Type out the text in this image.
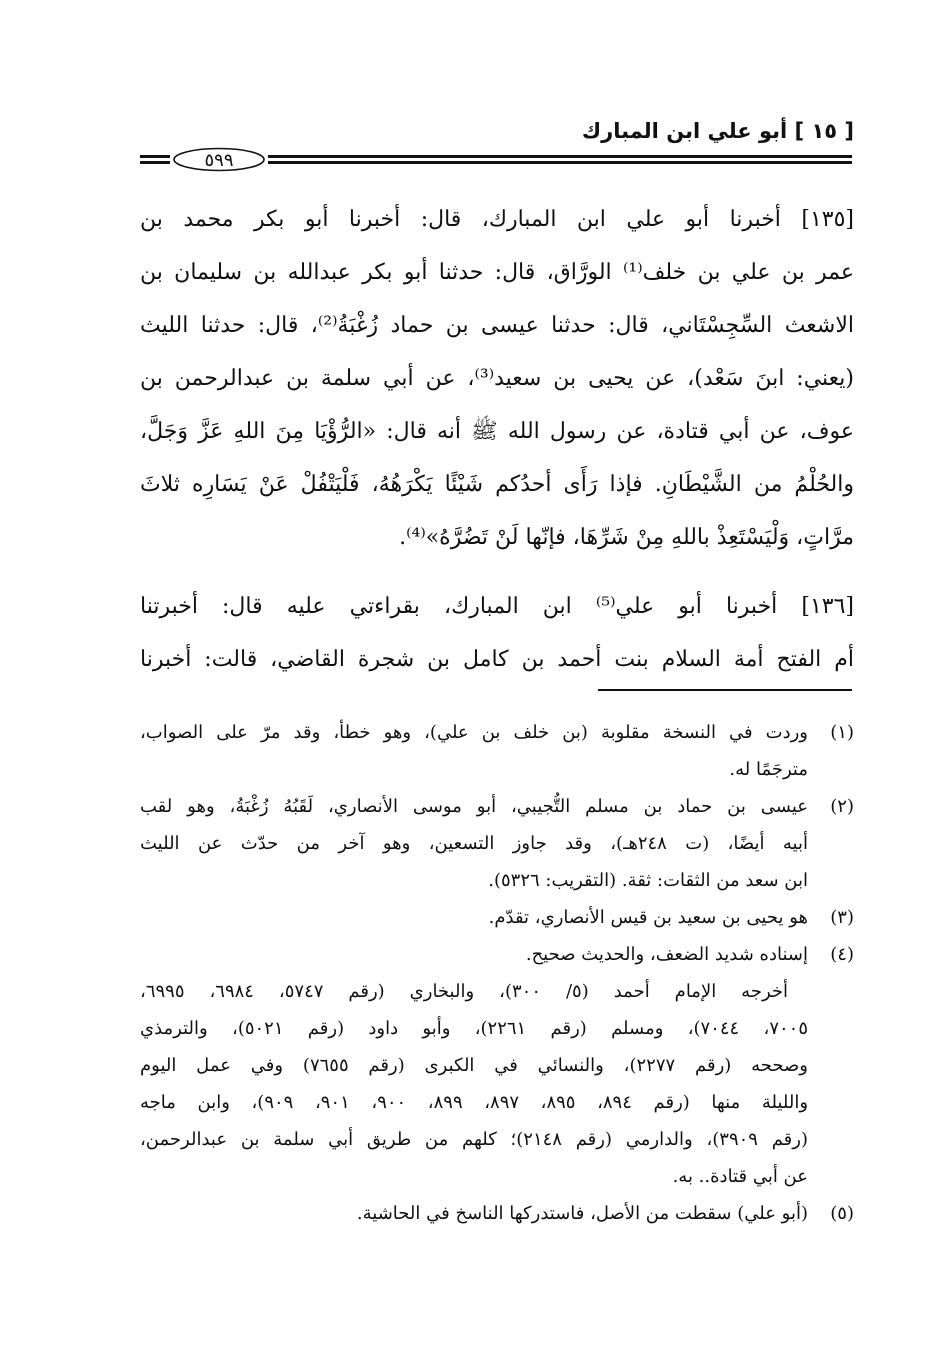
[ ١٥ ] أبو علي ابن المبارك
٥٩٩
[١٣٥] أخبرنا أبو علي ابن المبارك، قال: أخبرنا أبو بكر محمد بن
عمر بن علي بن خلف⁽¹⁾ الورَّاق، قال: حدثنا أبو بكر عبدالله بن سليمان بن
الاشعث السِّجِسْتَاني، قال: حدثنا عيسى بن حماد زُغْبَةُ⁽²⁾، قال: حدثنا الليث
(يعني: ابنَ سَعْد)، عن يحيى بن سعيد⁽³⁾، عن أبي سلمة بن عبدالرحمن بن
عوف، عن أبي قتادة، عن رسول الله ﷺ أنه قال: «الرُّؤْيَا مِنَ اللهِ عَزَّ وَجَلَّ،
والحُلْمُ من الشَّيْطَانِ. فإذا رَأَى أحدُكم شَيْئًا يَكْرَهُهُ، فَلْيَتْفُلْ عَنْ يَسَارِه ثلاثَ
مرَّاتٍ، وَلْيَسْتَعِذْ باللهِ مِنْ شَرِّهَا، فإنّها لَنْ تَضُرَّهُ»⁽⁴⁾.
[١٣٦] أخبرنا أبو علي⁽⁵⁾ ابن المبارك، بقراءتي عليه قال: أخبرتنا
أم الفتح أمة السلام بنت أحمد بن كامل بن شجرة القاضي، قالت: أخبرنا
(١)وردت في النسخة مقلوبة (بن خلف بن علي)، وهو خطأ، وقد مرّ على الصواب،
مترجَمًا له.
(٢)عيسى بن حماد بن مسلم التُّجيبي، أبو موسى الأنصاري، لَقَبُهُ زُغْبَةُ، وهو لقب
أبيه أيضًا، (ت ٢٤٨هـ)، وقد جاوز التسعين، وهو آخر من حدّث عن الليث
ابن سعد من الثقات: ثقة. (التقريب: ٥٣٢٦).
(٣)هو يحيى بن سعيد بن قيس الأنصاري، تقدّم.
(٤)إسناده شديد الضعف، والحديث صحيح.
أخرجه الإمام أحمد (٥/ ٣٠٠)، والبخاري (رقم ٥٧٤٧، ٦٩٨٤، ٦٩٩٥،
٧٠٠٥، ٧٠٤٤)، ومسلم (رقم ٢٢٦١)، وأبو داود (رقم ٥٠٢١)، والترمذي
وصححه (رقم ٢٢٧٧)، والنسائي في الكبرى (رقم ٧٦٥٥) وفي عمل اليوم
والليلة منها (رقم ٨٩٤، ٨٩٥، ٨٩٧، ٨٩٩، ٩٠٠، ٩٠١، ٩٠٩)، وابن ماجه
(رقم ٣٩٠٩)، والدارمي (رقم ٢١٤٨)؛ كلهم من طريق أبي سلمة بن عبدالرحمن،
عن أبي قتادة.. به.
(٥)(أبو علي) سقطت من الأصل، فاستدركها الناسخ في الحاشية.
